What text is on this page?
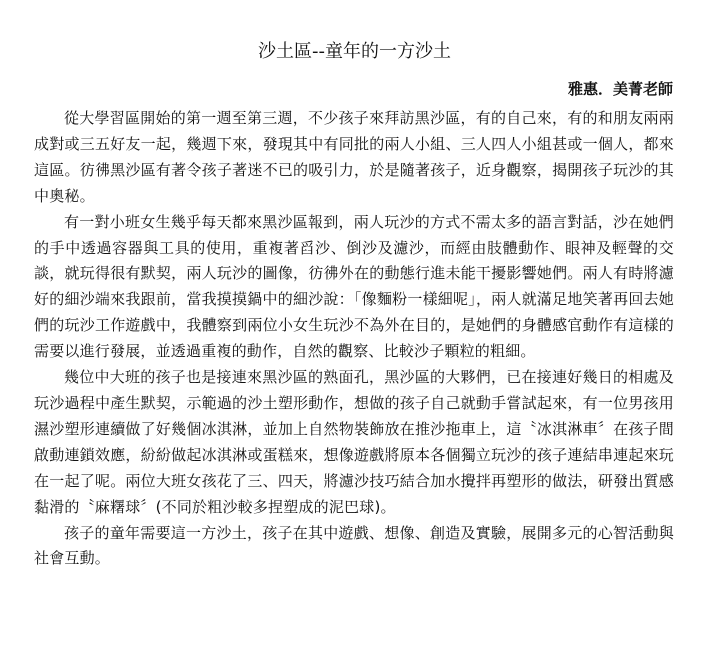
沙土區--童年的一方沙土
雅惠．美菁老師

從大學習區開始的第一週至第三週，不少孩子來拜訪黑沙區，有的自己來，有的和朋友兩兩成對或三五好友一起，幾週下來，發現其中有同批的兩人小組、三人四人小組甚或一個人，都來這區。彷彿黑沙區有著令孩子著迷不已的吸引力，於是隨著孩子，近身觀察，揭開孩子玩沙的其中奧秘。

有一對小班女生幾乎每天都來黑沙區報到，兩人玩沙的方式不需太多的語言對話，沙在她們的手中透過容器與工具的使用，重複著舀沙、倒沙及濾沙，而經由肢體動作、眼神及輕聲的交談，就玩得很有默契，兩人玩沙的圖像，彷彿外在的動態行進未能干擾影響她們。兩人有時將濾好的細沙端來我跟前，當我摸摸鍋中的細沙說：「像麵粉一樣細呢」，兩人就滿足地笑著再回去她們的玩沙工作遊戲中，我體察到兩位小女生玩沙不為外在目的，是她們的身體感官動作有這樣的需要以進行發展，並透過重複的動作，自然的觀察、比較沙子顆粒的粗細。

幾位中大班的孩子也是接連來黑沙區的熟面孔，黑沙區的大夥們，已在接連好幾日的相處及玩沙過程中產生默契，示範過的沙土塑形動作，想做的孩子自己就動手嘗試起來，有一位男孩用濕沙塑形連續做了好幾個冰淇淋，並加上自然物裝飾放在推沙拖車上，這〝冰淇淋車〞在孩子間啟動連鎖效應，紛紛做起冰淇淋或蛋糕來，想像遊戲將原本各個獨立玩沙的孩子連結串連起來玩在一起了呢。兩位大班女孩花了三、四天，將濾沙技巧結合加水攪拌再塑形的做法，研發出質感黏滑的〝麻糬球〞(不同於粗沙較多捏塑成的泥巴球)。

孩子的童年需要這一方沙土，孩子在其中遊戲、想像、創造及實驗，展開多元的心智活動與社會互動。
